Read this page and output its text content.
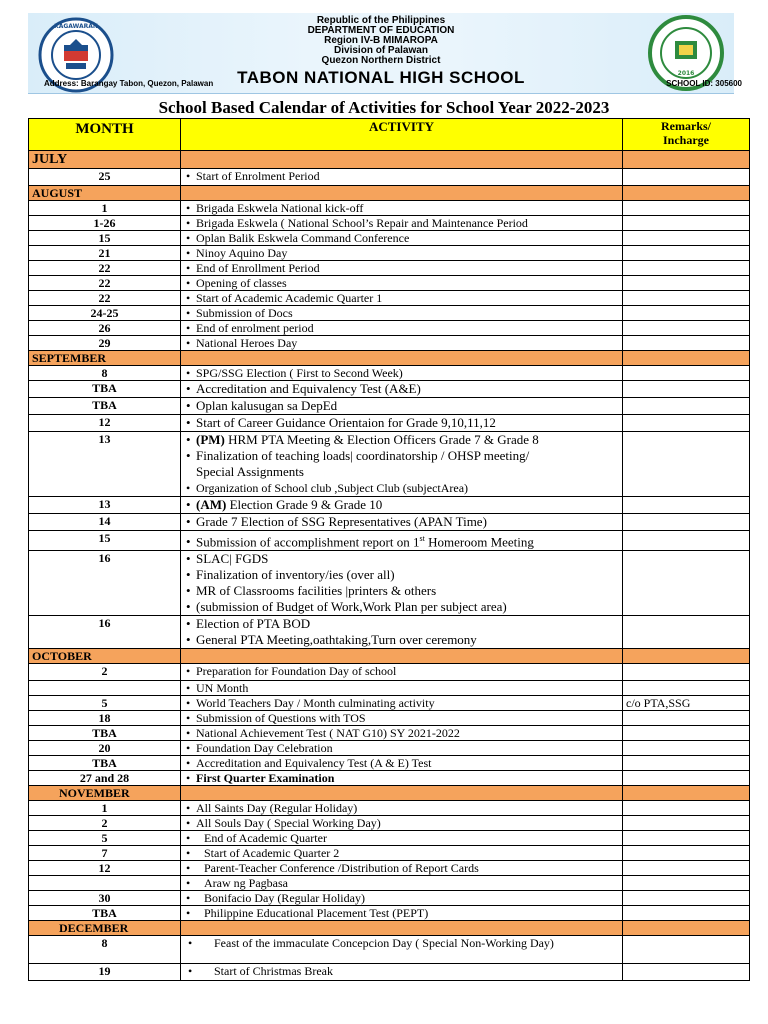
KAGAWARAN
Republic of the Philippines
DEPARTMENT OF EDUCATION
Region IV-B MIMAROPA
Division of Palawan
Quezon Northern District
TABON NATIONAL HIGH SCHOOL	2016
Address: Barangay Tabon, Quezon, Palawan	SCHOOL ID: 305600
School Based Calendar of Activities for School Year 2022-2023
MONTH	ACTIVITY	Remarks/
Incharge
JULY		
25	• Start of Enrolment Period	

AUGUST		
1	• Brigada Eskwela National kick-off	

1-26	• Brigada Eskwela ( National School’s Repair and Maintenance Period	

15	• Oplan Balik Eskwela Command Conference	

21	• Ninoy Aquino Day	

22	• End of Enrollment Period	

22	• Opening of classes	

22	• Start of Academic Academic Quarter 1	

24-25	• Submission of Docs	

26	• End of enrolment period	

29	• National Heroes Day	

SEPTEMBER		
8	• SPG/SSG Election ( First to Second Week)	

TBA	• Accreditation and Equivalency Test (A&E)	

TBA	• Oplan kalusugan sa DepEd	

12	• Start of Career Guidance Orientaion for Grade 9,10,11,12	

13	• (PM) HRM PTA Meeting & Election Officers Grade 7 & Grade 8
• Finalization of teaching loads| coordinatorship / OHSP meeting/
Special Assignments
• Organization of School club ,Subject Club (subjectArea)	

13	• (AM) Election Grade 9 & Grade 10	

14	• Grade 7 Election of SSG Representatives (APAN Time)	

15	• Submission of accomplishment report on 1st Homeroom Meeting	

16	• SLAC| FGDS
• Finalization of inventory/ies (over all)
• MR of Classrooms facilities |printers & others
• (submission of Budget of Work,Work Plan per subject area)	

16	• Election of PTA BOD
• General PTA Meeting,oathtaking,Turn over ceremony	

OCTOBER		
2	• Preparation for Foundation Day of school	

	• UN Month	

5	• World Teachers Day / Month culminating activity	c/o PTA,SSG
18	• Submission of Questions with TOS	

TBA	• National Achievement Test ( NAT G10) SY 2021-2022	

20	• Foundation Day Celebration	

TBA	• Accreditation and Equivalency Test (A & E) Test	

27 and 28	• First Quarter Examination	

NOVEMBER		
1	• All Saints Day (Regular Holiday)	

2	• All Souls Day ( Special Working Day)	

5	• End of Academic Quarter	

7	• Start of Academic Quarter 2	

12	• Parent-Teacher Conference /Distribution of Report Cards	

	• Araw ng Pagbasa	

30	• Bonifacio Day (Regular Holiday)	

TBA	• Philippine Educational Placement Test (PEPT)	

DECEMBER		
8	• Feast of the immaculate Concepcion Day ( Special Non-Working Day)	

19	• Start of Christmas Break	
